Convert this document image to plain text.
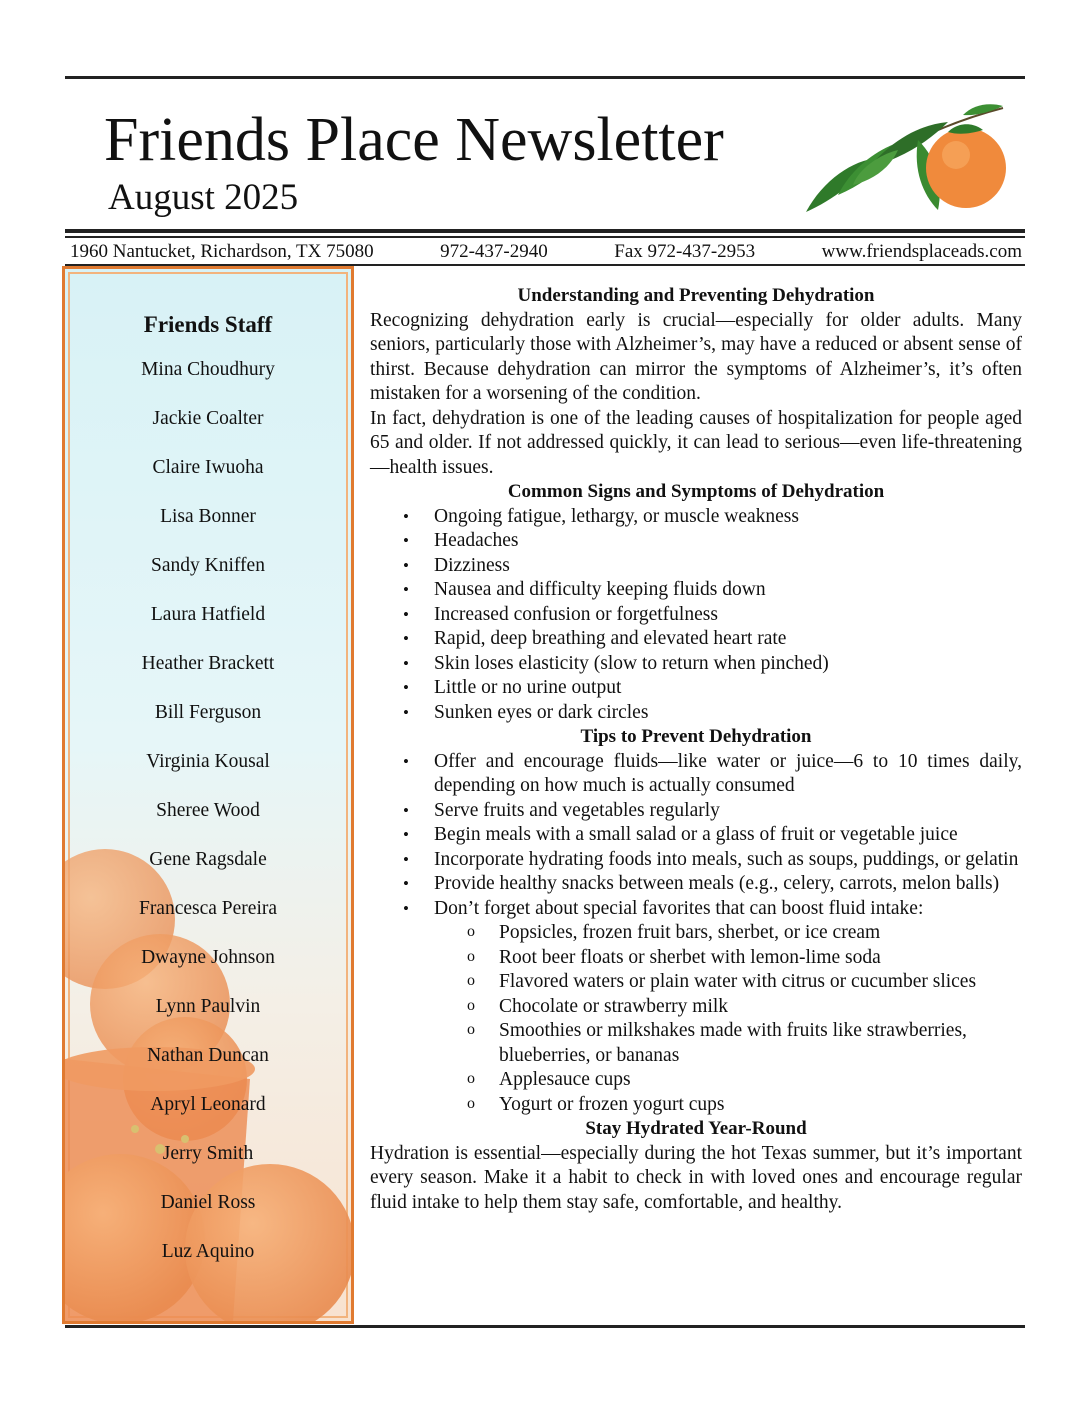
Friends Place Newsletter
August 2025
1960 Nantucket, Richardson, TX 75080	972-437-2940	Fax 972-437-2953	www.friendsplaceads.com
Friends Staff
Mina Choudhury
Jackie Coalter
Claire Iwuoha
Lisa Bonner
Sandy Kniffen
Laura Hatfield
Heather Brackett
Bill Ferguson
Virginia Kousal
Sheree Wood
Gene Ragsdale
Francesca Pereira
Dwayne Johnson
Lynn Paulvin
Nathan Duncan
Apryl Leonard
Jerry Smith
Daniel Ross
Luz Aquino
Understanding and Preventing Dehydration

Recognizing dehydration early is crucial—especially for older adults. Many seniors, particularly those with Alzheimer’s, may have a reduced or absent sense of thirst. Because dehydration can mirror the symptoms of Alzheimer’s, it’s often mistaken for a worsening of the condition.

In fact, dehydration is one of the leading causes of hospitalization for people aged 65 and older. If not addressed quickly, it can lead to serious—even life-threatening—health issues.

Common Signs and Symptoms of Dehydration
• Ongoing fatigue, lethargy, or muscle weakness
• Headaches
• Dizziness
• Nausea and difficulty keeping fluids down
• Increased confusion or forgetfulness
• Rapid, deep breathing and elevated heart rate
• Skin loses elasticity (slow to return when pinched)
• Little or no urine output
• Sunken eyes or dark circles
Tips to Prevent Dehydration
• Offer and encourage fluids—like water or juice—6 to 10 times daily, depending on how much is actually consumed
• Serve fruits and vegetables regularly
• Begin meals with a small salad or a glass of fruit or vegetable juice
• Incorporate hydrating foods into meals, such as soups, puddings, or gelatin
• Provide healthy snacks between meals (e.g., celery, carrots, melon balls)
• Don’t forget about special favorites that can boost fluid intake:
o Popsicles, frozen fruit bars, sherbet, or ice cream
o Root beer floats or sherbet with lemon-lime soda
o Flavored waters or plain water with citrus or cucumber slices
o Chocolate or strawberry milk
o Smoothies or milkshakes made with fruits like strawberries, blueberries, or bananas
o Applesauce cups
o Yogurt or frozen yogurt cups
Stay Hydrated Year-Round

Hydration is essential—especially during the hot Texas summer, but it’s important every season. Make it a habit to check in with loved ones and encourage regular fluid intake to help them stay safe, comfortable, and healthy.
